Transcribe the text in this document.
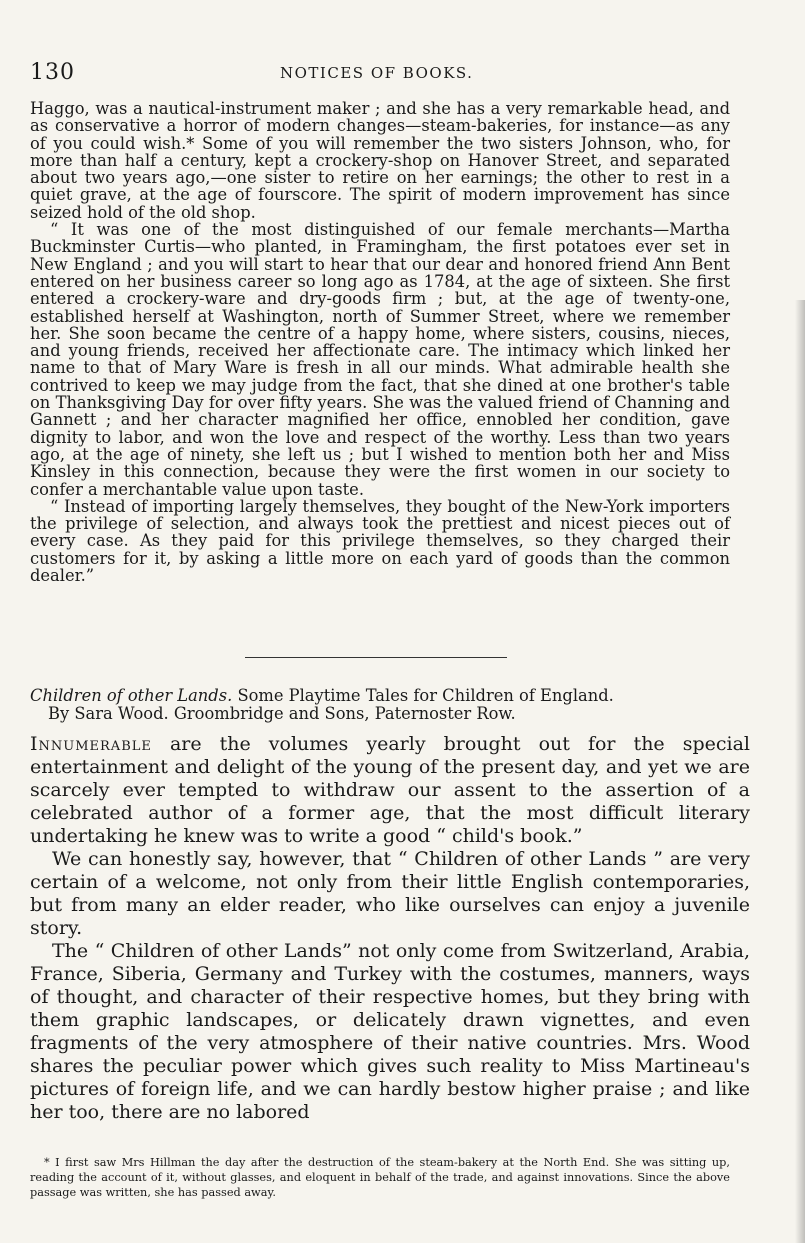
130	NOTICES OF BOOKS.

Haggo, was a nautical-instrument maker ; and she has a very remarkable head, and as conservative a horror of modern changes—steam-bakeries, for instance—as any of you could wish.* Some of you will remember the two sisters Johnson, who, for more than half a century, kept a crockery-shop on Hanover Street, and separated about two years ago,—one sister to retire on her earnings; the other to rest in a quiet grave, at the age of fourscore. The spirit of modern improvement has since seized hold of the old shop.

“ It was one of the most distinguished of our female merchants—Martha Buckminster Curtis—who planted, in Framingham, the first potatoes ever set in New England ; and you will start to hear that our dear and honored friend Ann Bent entered on her business career so long ago as 1784, at the age of sixteen. She first entered a crockery-ware and dry-goods firm ; but, at the age of twenty-one, established herself at Washington, north of Summer Street, where we remember her. She soon became the centre of a happy home, where sisters, cousins, nieces, and young friends, received her affectionate care. The intimacy which linked her name to that of Mary Ware is fresh in all our minds. What admirable health she contrived to keep we may judge from the fact, that she dined at one brother's table on Thanksgiving Day for over fifty years. She was the valued friend of Channing and Gannett ; and her character magnified her office, ennobled her condition, gave dignity to labor, and won the love and respect of the worthy. Less than two years ago, at the age of ninety, she left us ; but I wished to mention both her and Miss Kinsley in this connection, because they were the first women in our society to confer a merchantable value upon taste.

“ Instead of importing largely themselves, they bought of the New-York importers the privilege of selection, and always took the prettiest and nicest pieces out of every case. As they paid for this privilege themselves, so they charged their customers for it, by asking a little more on each yard of goods than the common dealer.”

Children of other Lands. Some Playtime Tales for Children of England.
By Sara Wood. Groombridge and Sons, Paternoster Row.

Innumerable are the volumes yearly brought out for the special entertainment and delight of the young of the present day, and yet we are scarcely ever tempted to withdraw our assent to the assertion of a celebrated author of a former age, that the most difficult literary undertaking he knew was to write a good “ child's book.”

We can honestly say, however, that “ Children of other Lands ” are very certain of a welcome, not only from their little English contemporaries, but from many an elder reader, who like ourselves can enjoy a juvenile story.

The “ Children of other Lands” not only come from Switzerland, Arabia, France, Siberia, Germany and Turkey with the costumes, manners, ways of thought, and character of their respective homes, but they bring with them graphic landscapes, or delicately drawn vignettes, and even fragments of the very atmosphere of their native countries. Mrs. Wood shares the peculiar power which gives such reality to Miss Martineau's pictures of foreign life, and we can hardly bestow higher praise ; and like her too, there are no labored

* I first saw Mrs Hillman the day after the destruction of the steam-bakery at the North End. She was sitting up, reading the account of it, without glasses, and eloquent in behalf of the trade, and against innovations. Since the above passage was written, she has passed away.
